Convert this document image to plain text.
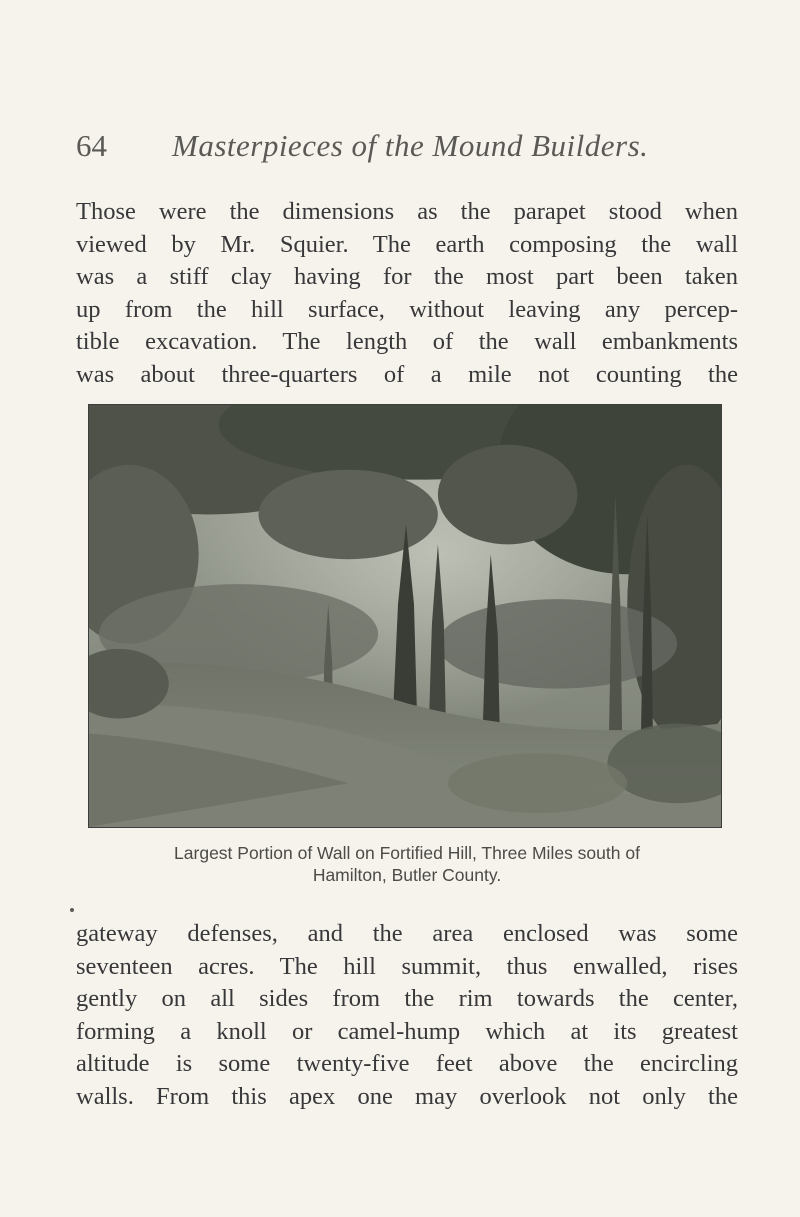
64 Masterpieces of the Mound Builders.
Those were the dimensions as the parapet stood when
viewed by Mr. Squier. The earth composing the wall
was a stiff clay having for the most part been taken
up from the hill surface, without leaving any percep-
tible excavation. The length of the wall embankments
was about three-quarters of a mile not counting the
Largest Portion of Wall on Fortified Hill, Three Miles south of
Hamilton, Butler County.
gateway defenses, and the area enclosed was some
seventeen acres. The hill summit, thus enwalled, rises
gently on all sides from the rim towards the center,
forming a knoll or camel-hump which at its greatest
altitude is some twenty-five feet above the encircling
walls. From this apex one may overlook not only the
